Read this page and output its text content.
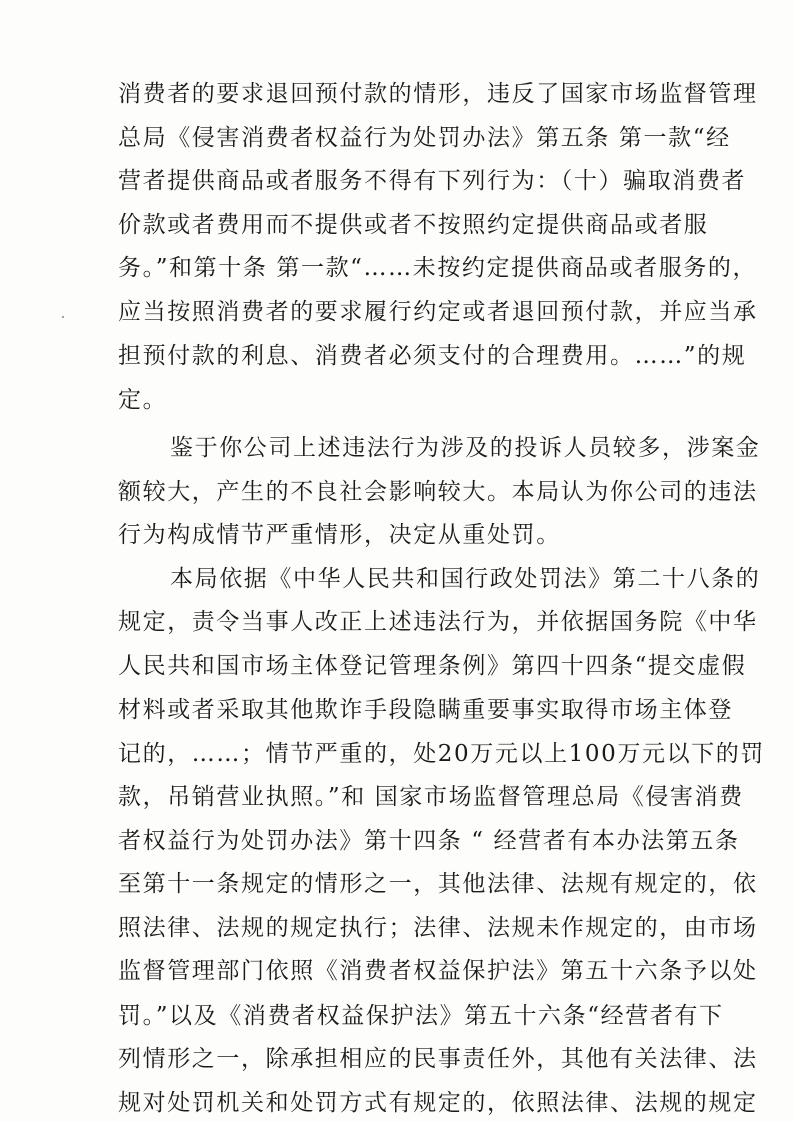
消费者的要求退回预付款的情形，违反了国家市场监督管理
总局《侵害消费者权益行为处罚办法》第五条 第一款“经
营者提供商品或者服务不得有下列行为：（十）骗取消费者
价款或者费用而不提供或者不按照约定提供商品或者服
务。”和第十条 第一款“……未按约定提供商品或者服务的，
应当按照消费者的要求履行约定或者退回预付款，并应当承
担预付款的利息、消费者必须支付的合理费用。……”的规
定。
鉴于你公司上述违法行为涉及的投诉人员较多，涉案金
额较大，产生的不良社会影响较大。本局认为你公司的违法
行为构成情节严重情形，决定从重处罚。
本局依据《中华人民共和国行政处罚法》第二十八条的
规定，责令当事人改正上述违法行为，并依据国务院《中华
人民共和国市场主体登记管理条例》第四十四条“提交虚假
材料或者采取其他欺诈手段隐瞒重要事实取得市场主体登
记的，……；情节严重的，处20万元以上100万元以下的罚
款，吊销营业执照。”和 国家市场监督管理总局《侵害消费
者权益行为处罚办法》第十四条 “ 经营者有本办法第五条
至第十一条规定的情形之一，其他法律、法规有规定的，依
照法律、法规的规定执行；法律、法规未作规定的，由市场
监督管理部门依照《消费者权益保护法》第五十六条予以处
罚。”以及《消费者权益保护法》第五十六条“经营者有下
列情形之一，除承担相应的民事责任外，其他有关法律、法
规对处罚机关和处罚方式有规定的，依照法律、法规的规定
